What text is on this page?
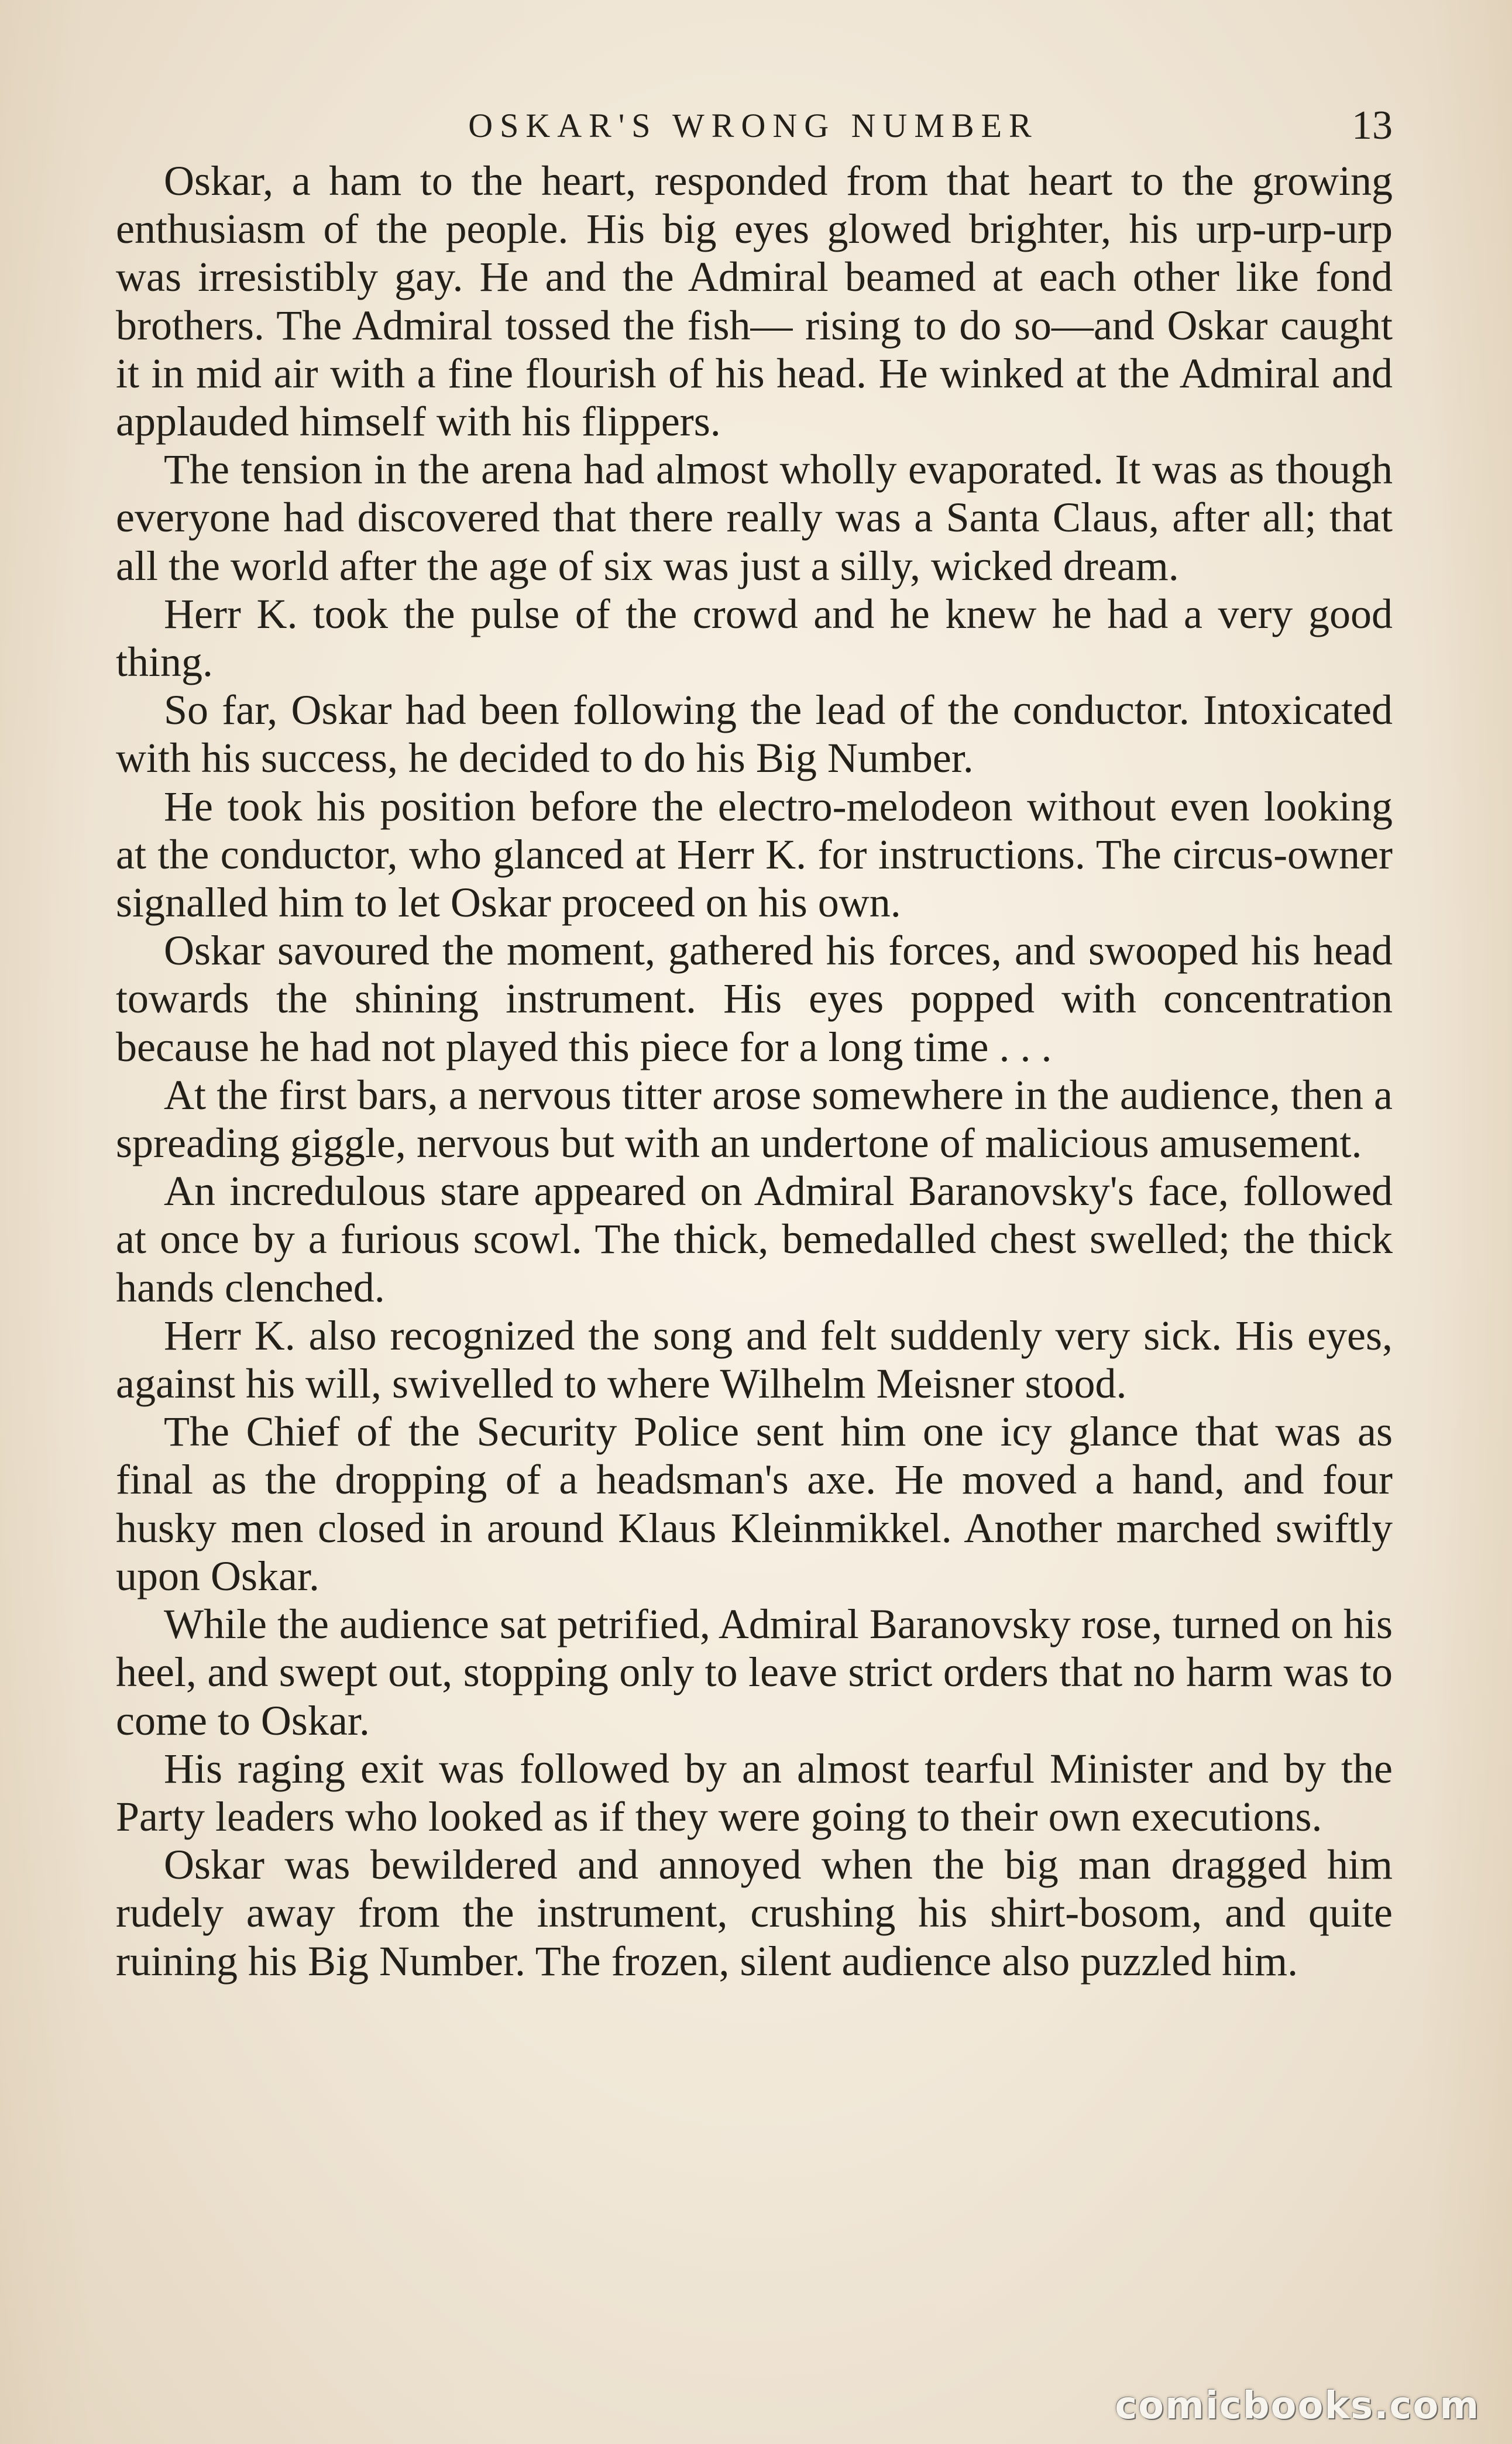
OSKAR'S WRONG NUMBER	13

Oskar, a ham to the heart, responded from that heart to the growing enthusiasm of the people. His big eyes glowed brighter, his urp-urp-urp was irresistibly gay. He and the Admiral beamed at each other like fond brothers. The Admiral tossed the fish— rising to do so—and Oskar caught it in mid air with a fine flourish of his head. He winked at the Admiral and applauded himself with his flippers.

The tension in the arena had almost wholly evaporated. It was as though everyone had discovered that there really was a Santa Claus, after all; that all the world after the age of six was just a silly, wicked dream.

Herr K. took the pulse of the crowd and he knew he had a very good thing.

So far, Oskar had been following the lead of the conductor. Intoxicated with his success, he decided to do his Big Number.

He took his position before the electro-melodeon without even looking at the conductor, who glanced at Herr K. for instructions. The circus-owner signalled him to let Oskar proceed on his own.

Oskar savoured the moment, gathered his forces, and swooped his head towards the shining instrument. His eyes popped with concentration because he had not played this piece for a long time . . .

At the first bars, a nervous titter arose somewhere in the audience, then a spreading giggle, nervous but with an undertone of malicious amusement.

An incredulous stare appeared on Admiral Baranovsky's face, followed at once by a furious scowl. The thick, bemedalled chest swelled; the thick hands clenched.

Herr K. also recognized the song and felt suddenly very sick. His eyes, against his will, swivelled to where Wilhelm Meisner stood.

The Chief of the Security Police sent him one icy glance that was as final as the dropping of a headsman's axe. He moved a hand, and four husky men closed in around Klaus Kleinmikkel. Another marched swiftly upon Oskar.

While the audience sat petrified, Admiral Baranovsky rose, turned on his heel, and swept out, stopping only to leave strict orders that no harm was to come to Oskar.

His raging exit was followed by an almost tearful Minister and by the Party leaders who looked as if they were going to their own executions.

Oskar was bewildered and annoyed when the big man dragged him rudely away from the instrument, crushing his shirt-bosom, and quite ruining his Big Number. The frozen, silent audience also puzzled him.

comicbooks.com
